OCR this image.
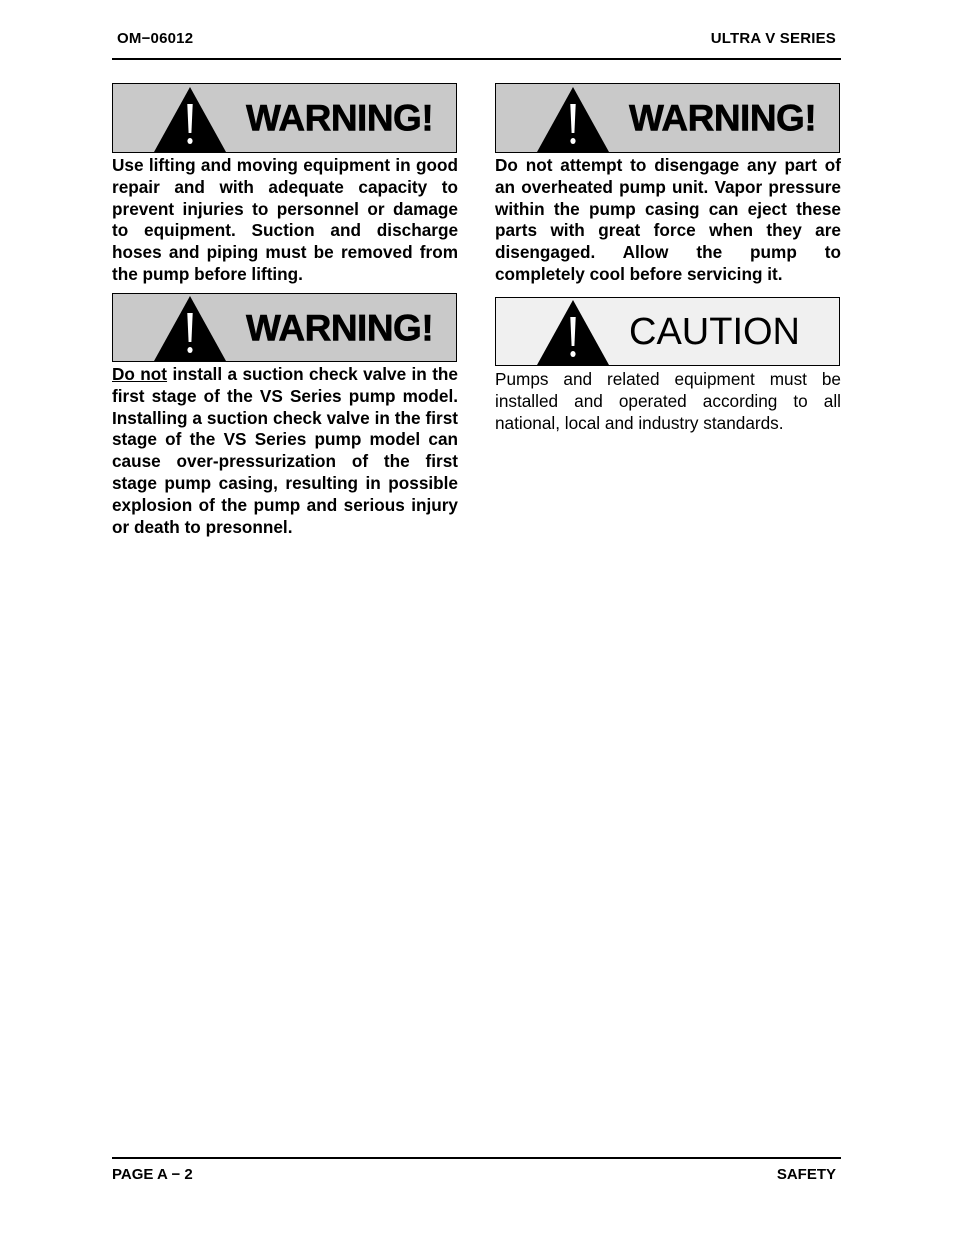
OM−06012	ULTRA V SERIES
WARNING!

Use lifting and moving equipment in good repair and with adequate capacity to prevent injuries to personnel or damage to equipment. Suction and discharge hoses and piping must be removed from the pump before lifting.

WARNING!

Do not install a suction check valve in the first stage of the VS Series pump model. Installing a suction check valve in the first stage of the VS Series pump model can cause over-pressurization of the first stage pump casing, resulting in possible explosion of the pump and serious injury or death to presonnel.

WARNING!

Do not attempt to disengage any part of an overheated pump unit. Vapor pressure within the pump casing can eject these parts with great force when they are disengaged. Allow the pump to completely cool before servicing it.

CAUTION

Pumps and related equipment must be installed and operated according to all national, local and industry standards.

PAGE A − 2	SAFETY
